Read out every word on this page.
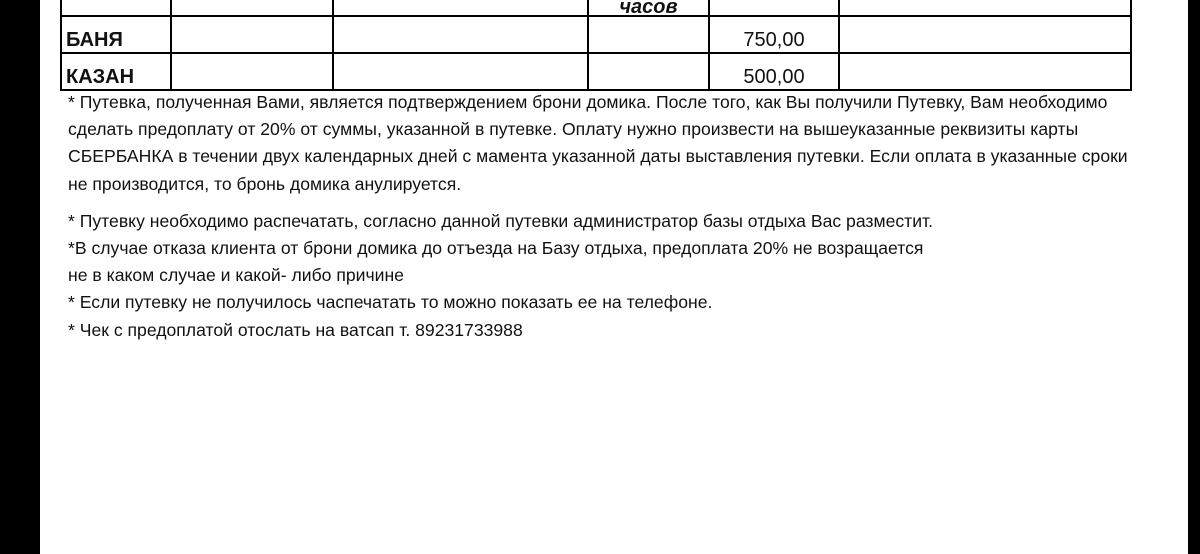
			часов		
БАНЯ				750,00	
КАЗАН				500,00	

* Путевка, полученная Вами, является подтверждением брони домика. После того, как Вы получили Путевку, Вам необходимо сделать предоплату от 20% от суммы, указанной в путевке. Оплату нужно произвести на вышеуказанные реквизиты карты СБЕРБАНКА в течении двух календарных дней с мамента указанной даты выставления путевки. Если оплата в указанные сроки не производится, то бронь домика анулируется.

* Путевку необходимо распечатать, согласно данной путевки администратор базы отдыха Вас разместит.

*В случае отказа клиента от брони домика до отъезда на Базу отдыха, предоплата 20% не возращается

не в каком случае и какой- либо причине

* Если путевку не получилось часпечатать то можно показать ее на телефоне.

* Чек с предоплатой отослать на ватсап т. 89231733988
